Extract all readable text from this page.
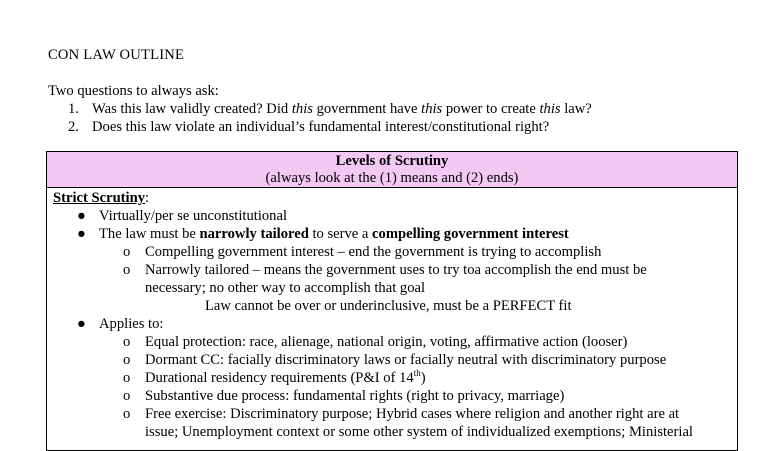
CON LAW OUTLINE
Two questions to always ask:
1. Was this law validly created? Did this government have this power to create this law?
2. Does this law violate an individual’s fundamental interest/constitutional right?
Levels of Scrutiny
(always look at the (1) means and (2) ends)
Strict Scrutiny:
● Virtually/per se unconstitutional
● The law must be narrowly tailored to serve a compelling government interest
o Compelling government interest – end the government is trying to accomplish
o Narrowly tailored – means the government uses to try toa accomplish the end must be
necessary; no other way to accomplish that goal
Law cannot be over or underinclusive, must be a PERFECT fit
● Applies to:
o Equal protection: race, alienage, national origin, voting, affirmative action (looser)
o Dormant CC: facially discriminatory laws or facially neutral with discriminatory purpose
o Durational residency requirements (P&I of 14th)
o Substantive due process: fundamental rights (right to privacy, marriage)
o Free exercise: Discriminatory purpose; Hybrid cases where religion and another right are at
issue; Unemployment context or some other system of individualized exemptions; Ministerial
